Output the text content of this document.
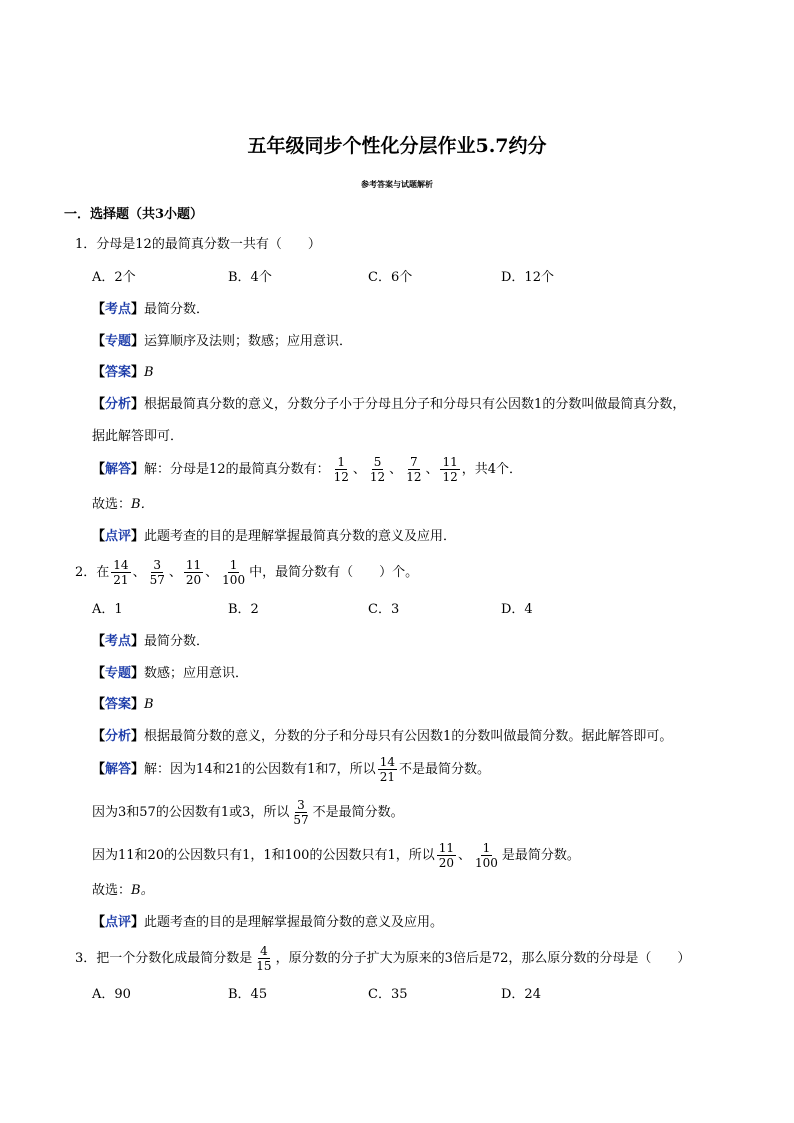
五年级同步个性化分层作业5.7约分
参考答案与试题解析
一．选择题（共3小题）
1．分母是12的最简真分数一共有（　　）
A．2个	B．4个	C．6个	D．12个
【考点】最简分数．
【专题】运算顺序及法则；数感；应用意识．
【答案】B
【分析】根据最简真分数的意义，分数分子小于分母且分子和分母只有公因数1的分数叫做最简真分数，
据此解答即可．
【解答】 解：分母是12的最简真分数有： $\frac{1}{12}$ 、 $\frac{5}{12}$ 、 $\frac{7}{12}$ 、 $\frac{11}{12}$ ，共4个．
故选：B．
【点评】此题考查的目的是理解掌握最简真分数的意义及应用．
2．在 $\frac{14}{21}$ 、 $\frac{3}{57}$ 、 $\frac{11}{20}$ 、 $\frac{1}{100}$ 中，最简分数有（　　）个。
A．1	B．2	C．3	D．4
【考点】最简分数．
【专题】数感；应用意识．
【答案】B
【分析】根据最简分数的意义，分数的分子和分母只有公因数1的分数叫做最简分数。据此解答即可。
【解答】 解：因为14和21的公因数有1和7，所以 $\frac{14}{21}$ 不是最简分数。
因为3和57的公因数有1或3，所以 $\frac{3}{57}$ 不是最简分数。
因为11和20的公因数只有1，1和100的公因数只有1，所以 $\frac{11}{20}$ 、 $\frac{1}{100}$ 是最简分数。
故选：B。
【点评】此题考查的目的是理解掌握最简分数的意义及应用。
3．把一个分数化成最简分数是 $\frac{4}{15}$ ，原分数的分子扩大为原来的3倍后是72，那么原分数的分母是（　　）
A．90	B．45	C．35	D．24
